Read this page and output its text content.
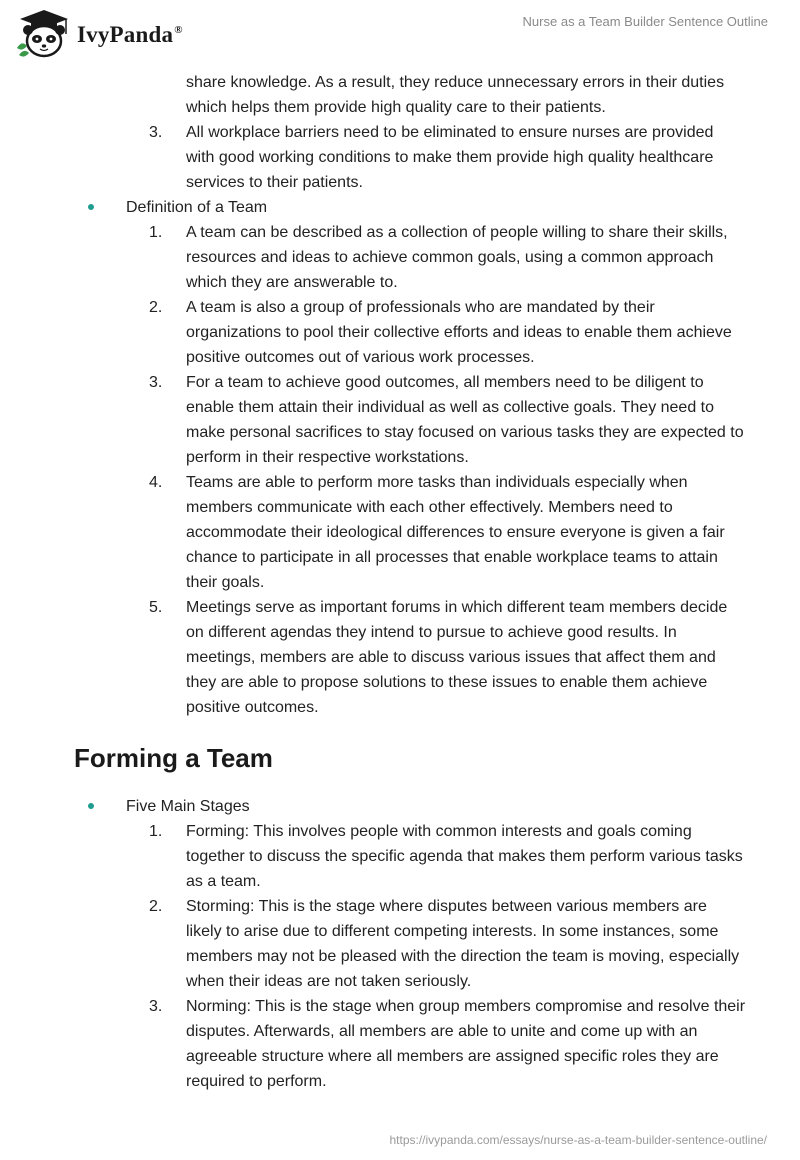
IvyPanda®
Nurse as a Team Builder Sentence Outline
share knowledge. As a result, they reduce unnecessary errors in their duties which helps them provide high quality care to their patients.
3.	All workplace barriers need to be eliminated to ensure nurses are provided with good working conditions to make them provide high quality healthcare services to their patients.
Definition of a Team
1.	A team can be described as a collection of people willing to share their skills, resources and ideas to achieve common goals, using a common approach which they are answerable to.
2.	A team is also a group of professionals who are mandated by their organizations to pool their collective efforts and ideas to enable them achieve positive outcomes out of various work processes.
3.	For a team to achieve good outcomes, all members need to be diligent to enable them attain their individual as well as collective goals. They need to make personal sacrifices to stay focused on various tasks they are expected to perform in their respective workstations.
4.	Teams are able to perform more tasks than individuals especially when members communicate with each other effectively. Members need to accommodate their ideological differences to ensure everyone is given a fair chance to participate in all processes that enable workplace teams to attain their goals.
5.	Meetings serve as important forums in which different team members decide on different agendas they intend to pursue to achieve good results. In meetings, members are able to discuss various issues that affect them and they are able to propose solutions to these issues to enable them achieve positive outcomes.
Forming a Team
Five Main Stages
1.	Forming: This involves people with common interests and goals coming together to discuss the specific agenda that makes them perform various tasks as a team.
2.	Storming: This is the stage where disputes between various members are likely to arise due to different competing interests. In some instances, some members may not be pleased with the direction the team is moving, especially when their ideas are not taken seriously.
3.	Norming: This is the stage when group members compromise and resolve their disputes. Afterwards, all members are able to unite and come up with an agreeable structure where all members are assigned specific roles they are required to perform.
https://ivypanda.com/essays/nurse-as-a-team-builder-sentence-outline/
